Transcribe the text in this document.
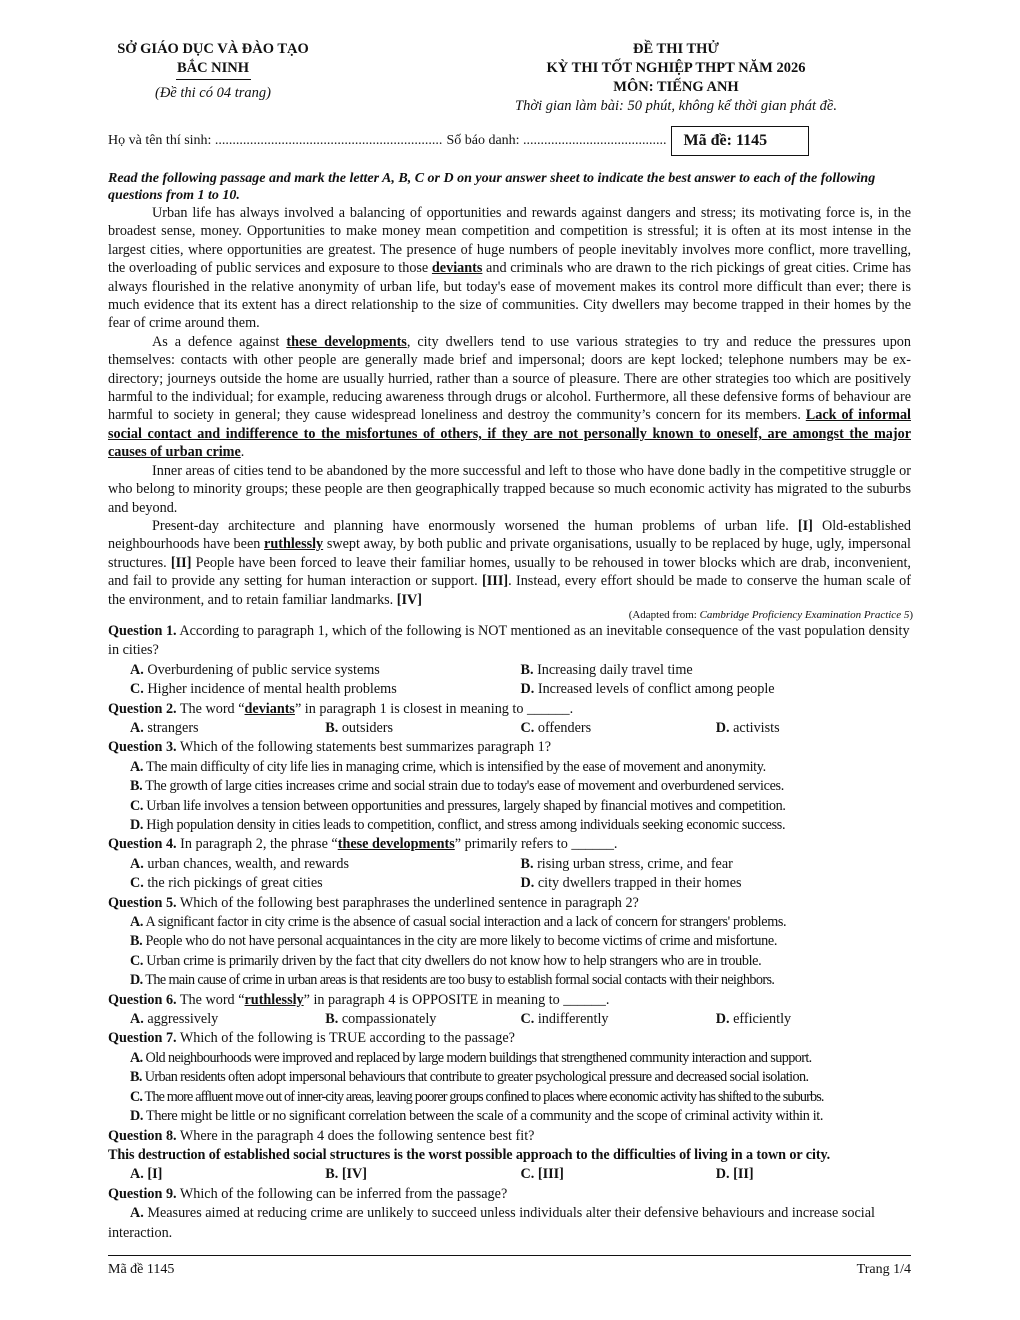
SỞ GIÁO DỤC VÀ ĐÀO TẠO
BẮC NINH
(Đề thi có 04 trang)
ĐỀ THI THỬ
KỲ THI TỐT NGHIỆP THPT NĂM 2026
MÔN: TIẾNG ANH
Thời gian làm bài: 50 phút, không kể thời gian phát đề.
Họ và tên thí sinh: ................................................................. Số báo danh: .........................................	Mã đề: 1145
Read the following passage and mark the letter A, B, C or D on your answer sheet to indicate the best answer to each of the following questions from 1 to 10.

Urban life has always involved a balancing of opportunities and rewards against dangers and stress; its motivating force is, in the broadest sense, money. Opportunities to make money mean competition and competition is stressful; it is often at its most intense in the largest cities, where opportunities are greatest. The presence of huge numbers of people inevitably involves more conflict, more travelling, the overloading of public services and exposure to those deviants and criminals who are drawn to the rich pickings of great cities. Crime has always flourished in the relative anonymity of urban life, but today's ease of movement makes its control more difficult than ever; there is much evidence that its extent has a direct relationship to the size of communities. City dwellers may become trapped in their homes by the fear of crime around them.

As a defence against these developments, city dwellers tend to use various strategies to try and reduce the pressures upon themselves: contacts with other people are generally made brief and impersonal; doors are kept locked; telephone numbers may be ex-directory; journeys outside the home are usually hurried, rather than a source of pleasure. There are other strategies too which are positively harmful to the individual; for example, reducing awareness through drugs or alcohol. Furthermore, all these defensive forms of behaviour are harmful to society in general; they cause widespread loneliness and destroy the community’s concern for its members. Lack of informal social contact and indifference to the misfortunes of others, if they are not personally known to oneself, are amongst the major causes of urban crime.

Inner areas of cities tend to be abandoned by the more successful and left to those who have done badly in the competitive struggle or who belong to minority groups; these people are then geographically trapped because so much economic activity has migrated to the suburbs and beyond.

Present-day architecture and planning have enormously worsened the human problems of urban life. [I] Old-established neighbourhoods have been ruthlessly swept away, by both public and private organisations, usually to be replaced by huge, ugly, impersonal structures. [II] People have been forced to leave their familiar homes, usually to be rehoused in tower blocks which are drab, inconvenient, and fail to provide any setting for human interaction or support. [III]. Instead, every effort should be made to conserve the human scale of the environment, and to retain familiar landmarks. [IV]

(Adapted from: Cambridge Proficiency Examination Practice 5)
Question 1. According to paragraph 1, which of the following is NOT mentioned as an inevitable consequence of the vast population density in cities?
A. Overburdening of public service systems	B. Increasing daily travel time
C. Higher incidence of mental health problems	D. Increased levels of conflict among people
Question 2. The word “deviants” in paragraph 1 is closest in meaning to ______.
A. strangers	B. outsiders	C. offenders	D. activists
Question 3. Which of the following statements best summarizes paragraph 1?
A. The main difficulty of city life lies in managing crime, which is intensified by the ease of movement and anonymity.
B. The growth of large cities increases crime and social strain due to today's ease of movement and overburdened services.
C. Urban life involves a tension between opportunities and pressures, largely shaped by financial motives and competition.
D. High population density in cities leads to competition, conflict, and stress among individuals seeking economic success.
Question 4. In paragraph 2, the phrase “these developments” primarily refers to ______.
A. urban chances, wealth, and rewards	B. rising urban stress, crime, and fear
C. the rich pickings of great cities	D. city dwellers trapped in their homes
Question 5. Which of the following best paraphrases the underlined sentence in paragraph 2?
A. A significant factor in city crime is the absence of casual social interaction and a lack of concern for strangers' problems.
B. People who do not have personal acquaintances in the city are more likely to become victims of crime and misfortune.
C. Urban crime is primarily driven by the fact that city dwellers do not know how to help strangers who are in trouble.
D. The main cause of crime in urban areas is that residents are too busy to establish formal social contacts with their neighbors.
Question 6. The word “ruthlessly” in paragraph 4 is OPPOSITE in meaning to ______.
A. aggressively	B. compassionately	C. indifferently	D. efficiently
Question 7. Which of the following is TRUE according to the passage?
A. Old neighbourhoods were improved and replaced by large modern buildings that strengthened community interaction and support.
B. Urban residents often adopt impersonal behaviours that contribute to greater psychological pressure and decreased social isolation.
C. The more affluent move out of inner-city areas, leaving poorer groups confined to places where economic activity has shifted to the suburbs.
D. There might be little or no significant correlation between the scale of a community and the scope of criminal activity within it.
Question 8. Where in the paragraph 4 does the following sentence best fit?
This destruction of established social structures is the worst possible approach to the difficulties of living in a town or city.
A. [I]	B. [IV]	C. [III]	D. [II]
Question 9. Which of the following can be inferred from the passage?
A. Measures aimed at reducing crime are unlikely to succeed unless individuals alter their defensive behaviours and increase social interaction.
Mã đề 1145	Trang 1/4
